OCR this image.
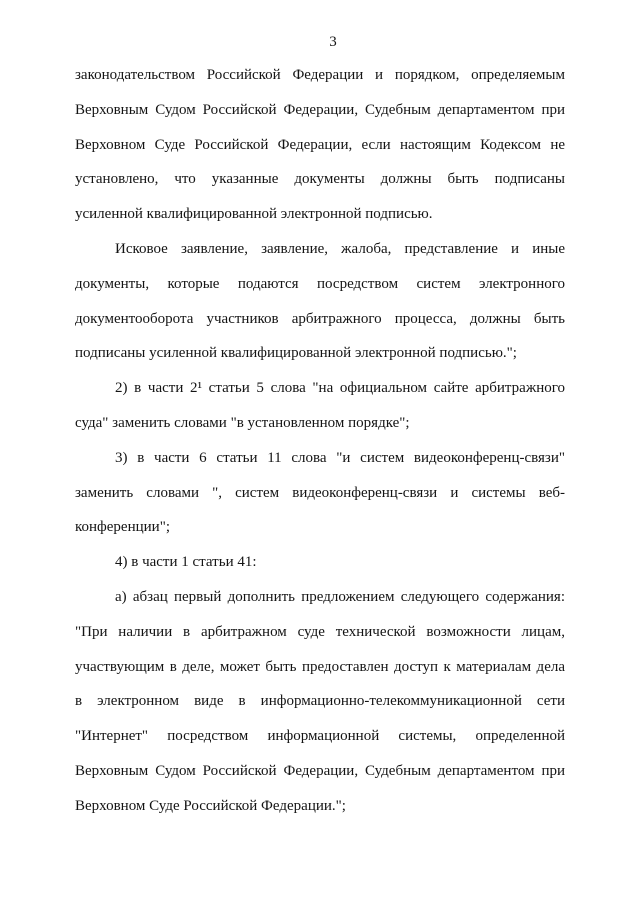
3
законодательством Российской Федерации и порядком, определяемым
Верховным Судом Российской Федерации, Судебным департаментом при
Верховном Суде Российской Федерации, если настоящим Кодексом не
установлено, что указанные документы должны быть подписаны
усиленной квалифицированной электронной подписью.
Исковое заявление, заявление, жалоба, представление и иные
документы, которые подаются посредством систем электронного
документооборота участников арбитражного процесса, должны быть
подписаны усиленной квалифицированной электронной подписью.";
2) в части 2¹ статьи 5 слова "на официальном сайте арбитражного
суда" заменить словами "в установленном порядке";
3) в части 6 статьи 11 слова "и систем видеоконференц-связи"
заменить словами ", систем видеоконференц-связи и системы веб-
конференции";
4) в части 1 статьи 41:
а) абзац первый дополнить предложением следующего содержания:
"При наличии в арбитражном суде технической возможности лицам,
участвующим в деле, может быть предоставлен доступ к материалам дела
в электронном виде в информационно-телекоммуникационной сети
"Интернет" посредством информационной системы, определенной
Верховным Судом Российской Федерации, Судебным департаментом при
Верховном Суде Российской Федерации.";
